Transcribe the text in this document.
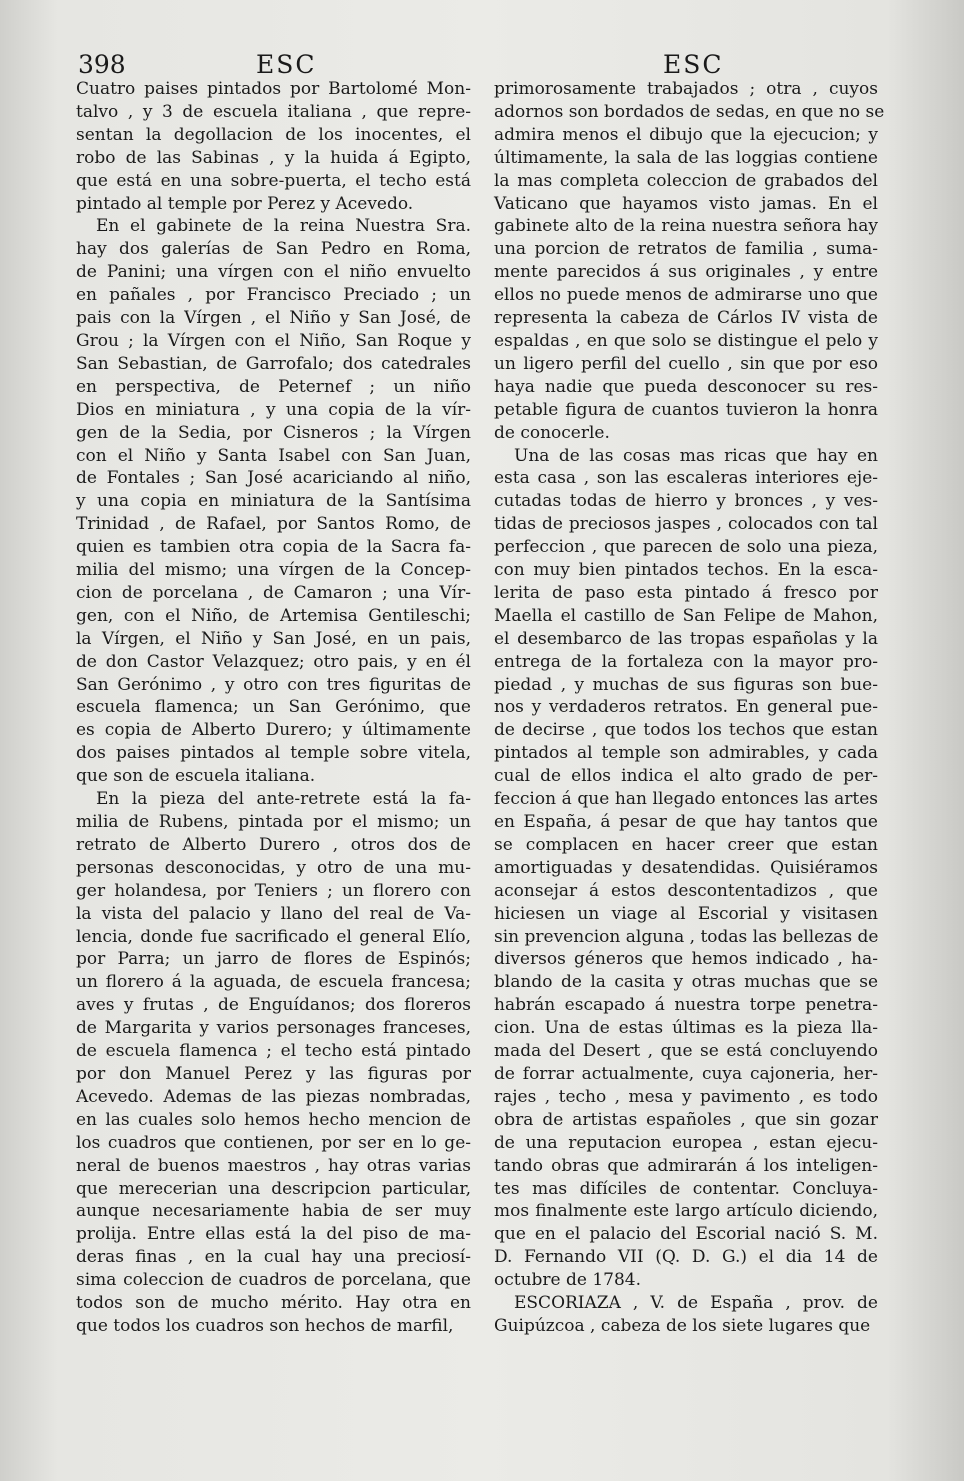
398	ESC	ESC

Cuatro paises pintados por Bartolomé Mon-
talvo , y 3 de escuela italiana , que repre-
sentan la degollacion de los inocentes, el
robo de las Sabinas , y la huida á Egipto,
que está en una sobre-puerta, el techo está
pintado al temple por Perez y Acevedo.

En el gabinete de la reina Nuestra Sra.
hay dos galerías de San Pedro en Roma,
de Panini; una vírgen con el niño envuelto
en pañales , por Francisco Preciado ; un
pais con la Vírgen , el Niño y San José, de
Grou ; la Vírgen con el Niño, San Roque y
San Sebastian, de Garrofalo; dos catedrales
en perspectiva, de Peternef ; un niño
Dios en miniatura , y una copia de la vír-
gen de la Sedia, por Cisneros ; la Vírgen
con el Niño y Santa Isabel con San Juan,
de Fontales ; San José acariciando al niño,
y una copia en miniatura de la Santísima
Trinidad , de Rafael, por Santos Romo, de
quien es tambien otra copia de la Sacra fa-
milia del mismo; una vírgen de la Concep-
cion de porcelana , de Camaron ; una Vír-
gen, con el Niño, de Artemisa Gentileschi;
la Vírgen, el Niño y San José, en un pais,
de don Castor Velazquez; otro pais, y en él
San Gerónimo , y otro con tres figuritas de
escuela flamenca; un San Gerónimo, que
es copia de Alberto Durero; y últimamente
dos paises pintados al temple sobre vitela,
que son de escuela italiana.

En la pieza del ante-retrete está la fa-
milia de Rubens, pintada por el mismo; un
retrato de Alberto Durero , otros dos de
personas desconocidas, y otro de una mu-
ger holandesa, por Teniers ; un florero con
la vista del palacio y llano del real de Va-
lencia, donde fue sacrificado el general Elío,
por Parra; un jarro de flores de Espinós;
un florero á la aguada, de escuela francesa;
aves y frutas , de Enguídanos; dos floreros
de Margarita y varios personages franceses,
de escuela flamenca ; el techo está pintado
por don Manuel Perez y las figuras por
Acevedo. Ademas de las piezas nombradas,
en las cuales solo hemos hecho mencion de
los cuadros que contienen, por ser en lo ge-
neral de buenos maestros , hay otras varias
que merecerian una descripcion particular,
aunque necesariamente habia de ser muy
prolija. Entre ellas está la del piso de ma-
deras finas , en la cual hay una preciosí-
sima coleccion de cuadros de porcelana, que
todos son de mucho mérito. Hay otra en
que todos los cuadros son hechos de marfil,

primorosamente trabajados ; otra , cuyos
adornos son bordados de sedas, en que no se
admira menos el dibujo que la ejecucion; y
últimamente, la sala de las loggias contiene
la mas completa coleccion de grabados del
Vaticano que hayamos visto jamas. En el
gabinete alto de la reina nuestra señora hay
una porcion de retratos de familia , suma-
mente parecidos á sus originales , y entre
ellos no puede menos de admirarse uno que
representa la cabeza de Cárlos IV vista de
espaldas , en que solo se distingue el pelo y
un ligero perfil del cuello , sin que por eso
haya nadie que pueda desconocer su res-
petable figura de cuantos tuvieron la honra
de conocerle.

Una de las cosas mas ricas que hay en
esta casa , son las escaleras interiores eje-
cutadas todas de hierro y bronces , y ves-
tidas de preciosos jaspes , colocados con tal
perfeccion , que parecen de solo una pieza,
con muy bien pintados techos. En la esca-
lerita de paso esta pintado á fresco por
Maella el castillo de San Felipe de Mahon,
el desembarco de las tropas españolas y la
entrega de la fortaleza con la mayor pro-
piedad , y muchas de sus figuras son bue-
nos y verdaderos retratos. En general pue-
de decirse , que todos los techos que estan
pintados al temple son admirables, y cada
cual de ellos indica el alto grado de per-
feccion á que han llegado entonces las artes
en España, á pesar de que hay tantos que
se complacen en hacer creer que estan
amortiguadas y desatendidas. Quisiéramos
aconsejar á estos descontentadizos , que
hiciesen un viage al Escorial y visitasen
sin prevencion alguna , todas las bellezas de
diversos géneros que hemos indicado , ha-
blando de la casita y otras muchas que se
habrán escapado á nuestra torpe penetra-
cion. Una de estas últimas es la pieza lla-
mada del Desert , que se está concluyendo
de forrar actualmente, cuya cajoneria, her-
rajes , techo , mesa y pavimento , es todo
obra de artistas españoles , que sin gozar
de una reputacion europea , estan ejecu-
tando obras que admirarán á los inteligen-
tes mas difíciles de contentar. Concluya-
mos finalmente este largo artículo diciendo,
que en el palacio del Escorial nació S. M.
D. Fernando VII (Q. D. G.) el dia 14 de
octubre de 1784.

ESCORIAZA , V. de España , prov. de
Guipúzcoa , cabeza de los siete lugares que
